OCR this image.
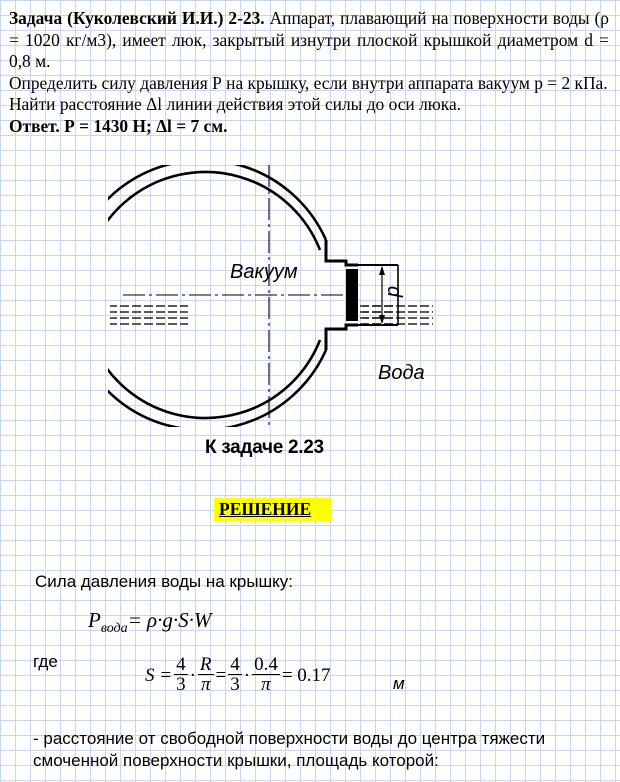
Задача (Куколевский И.И.) 2-23. Аппарат, плавающий на поверхности воды (ρ = 1020 кг/м3), имеет люк, закрытый изнутри плоской крышкой диаметром d = 0,8 м.

Определить силу давления Р на крышку, если внутри аппарата вакуум р = 2 кПа.

Найти расстояние Δl линии действия этой силы до оси люка.

Ответ. Р = 1430 Н; Δl = 7 см.

Вакуум
Вода
d
К задаче 2.23
РЕШЕНИЕ
Сила давления воды на крышку:
$P_{вода}= \rho\cdot g\cdot S\cdot W$
где
$S = \frac{4}{3} \cdot \frac{R}{\pi} = \frac{4}{3} \cdot \frac{0.4}{\pi} = 0.17$	м
- расстояние от свободной поверхности воды до центра тяжести
смоченной поверхности крышки, площадь которой:
